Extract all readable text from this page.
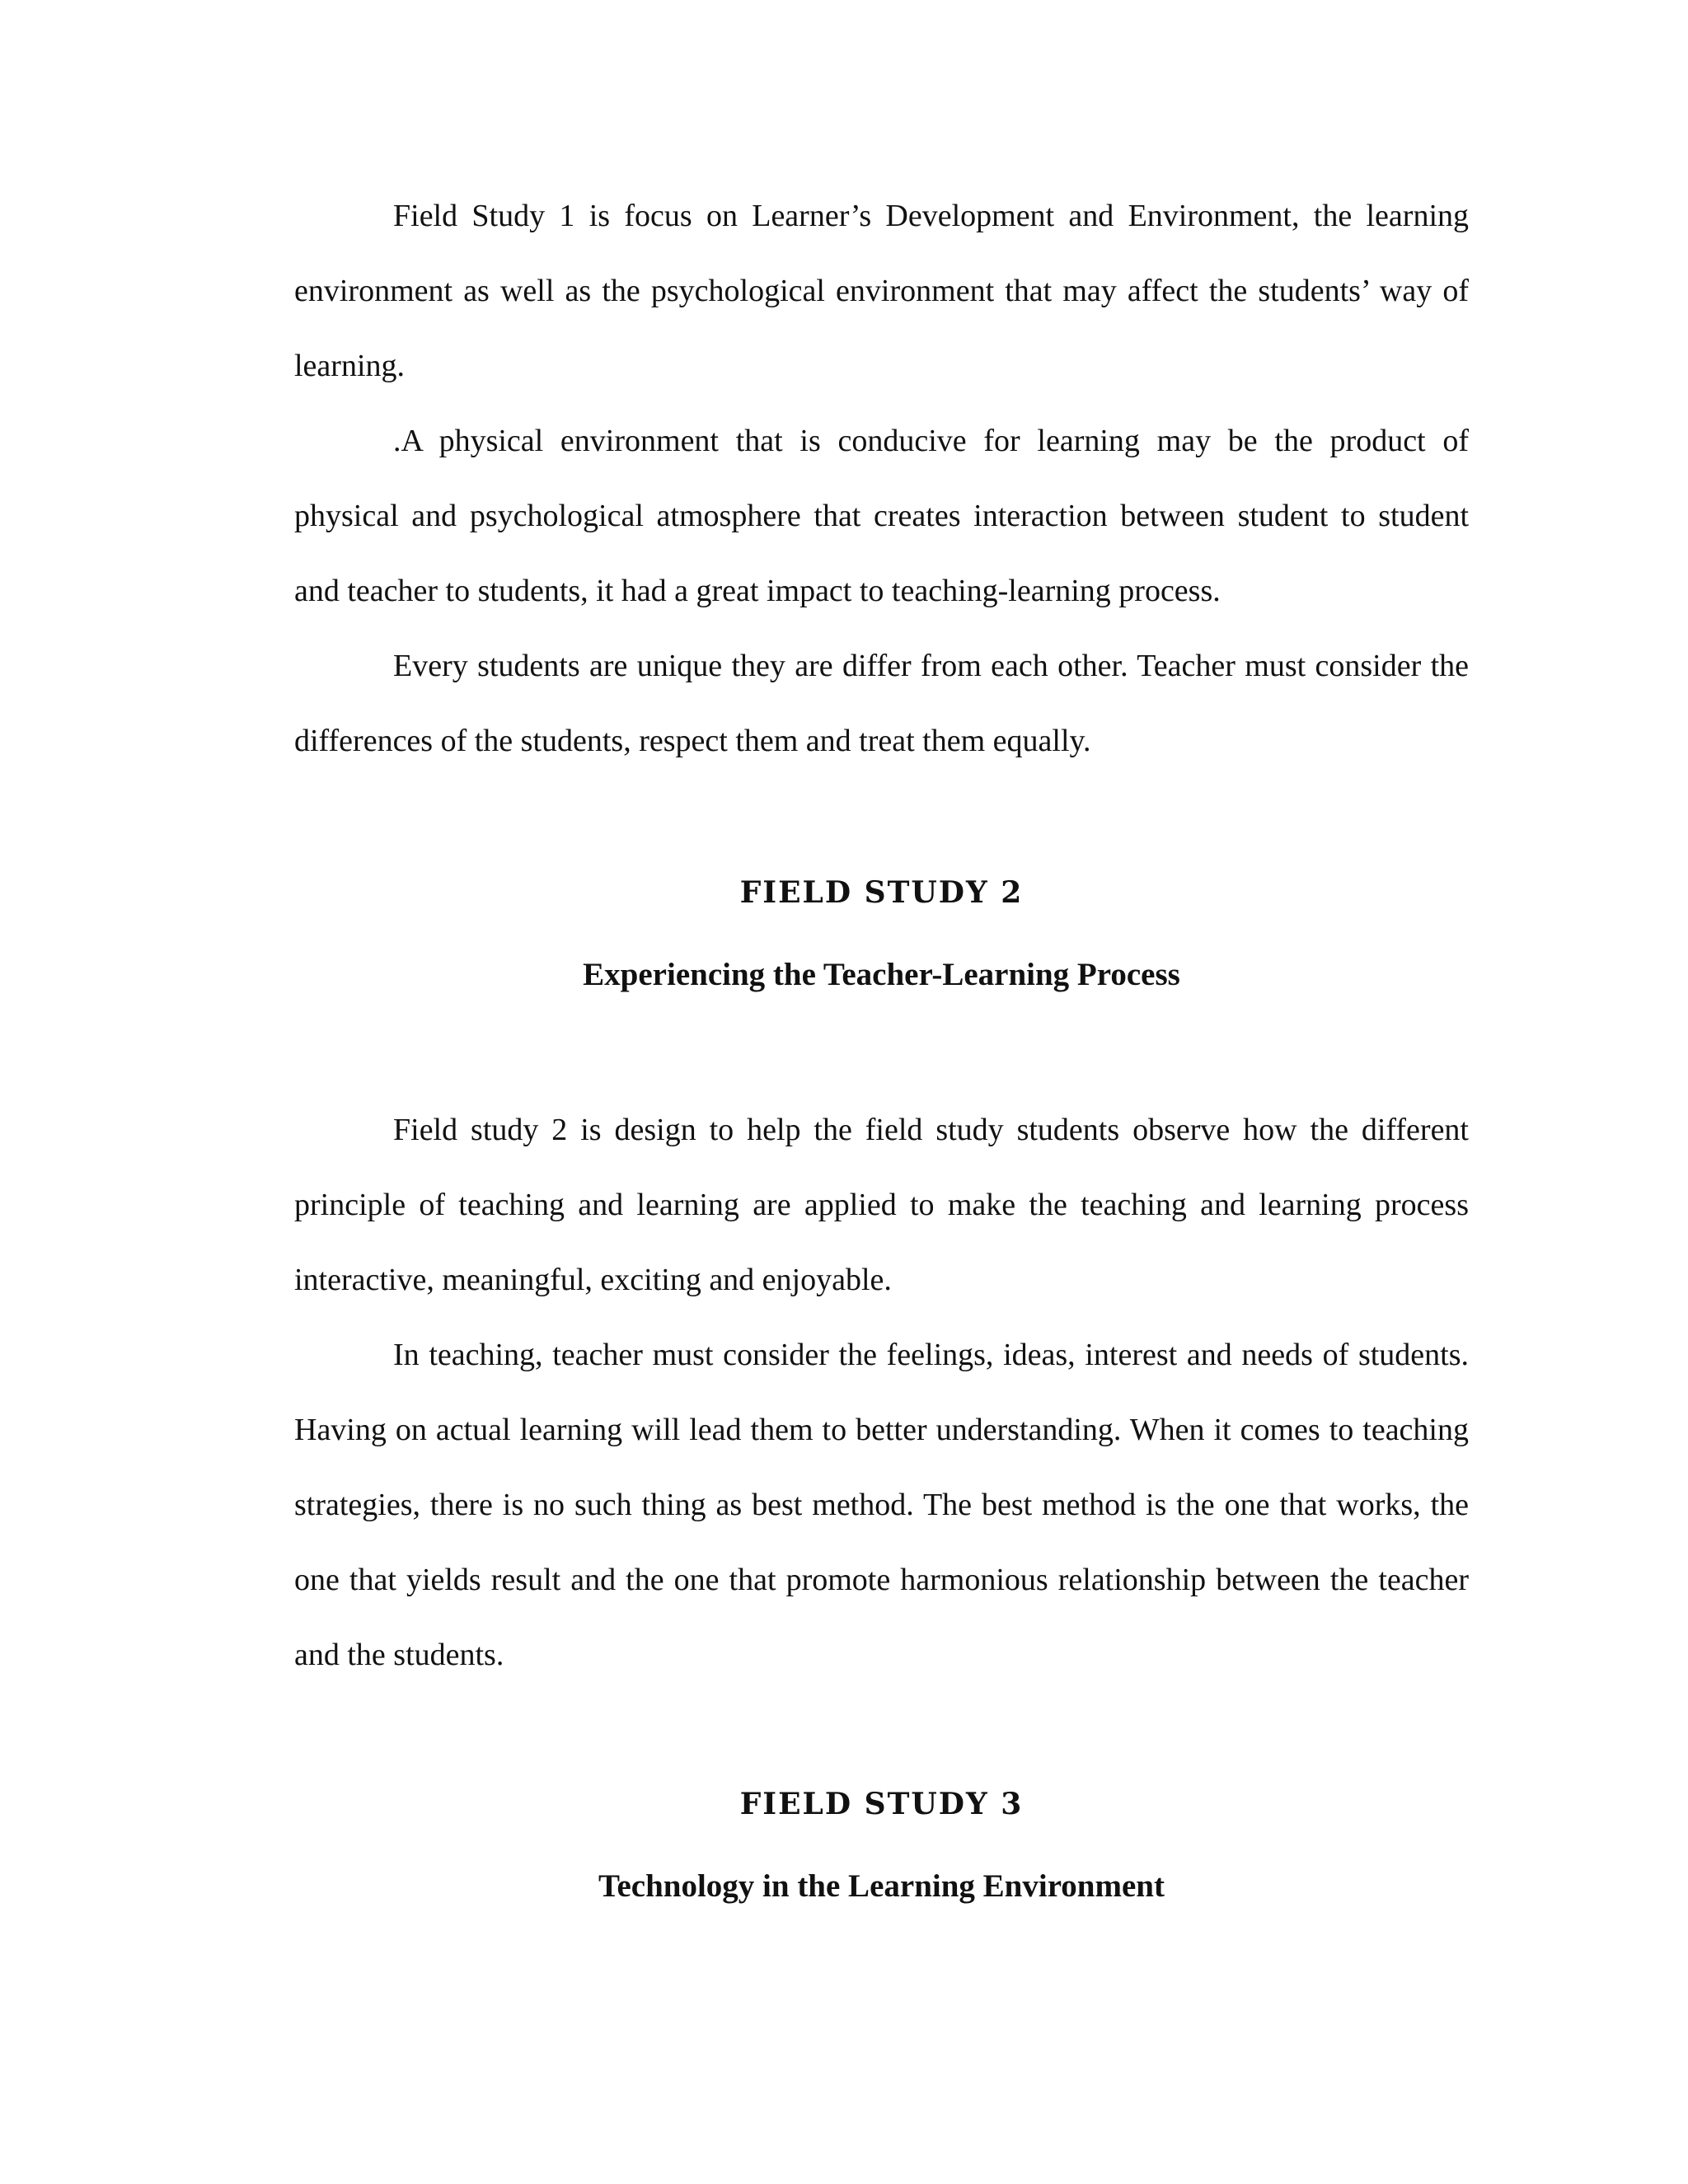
Field Study 1 is focus on Learner’s Development and Environment, the learning environment as well as the psychological environment that may affect the students’ way of learning.

.A physical environment that is conducive for learning may be the product of physical and psychological atmosphere that creates interaction between student to student and teacher to students, it had a great impact to teaching-learning process.

Every students are unique they are differ from each other. Teacher must consider the differences of the students, respect them and treat them equally.

FIELD STUDY 2
Experiencing the Teacher-Learning Process

Field study 2 is design to help the field study students observe how the different principle of teaching and learning are applied to make the teaching and learning process interactive, meaningful, exciting and enjoyable.

In teaching, teacher must consider the feelings, ideas, interest and needs of students. Having on actual learning will lead them to better understanding. When it comes to teaching strategies, there is no such thing as best method. The best method is the one that works, the one that yields result and the one that promote harmonious relationship between the teacher and the students.

FIELD STUDY 3
Technology in the Learning Environment
